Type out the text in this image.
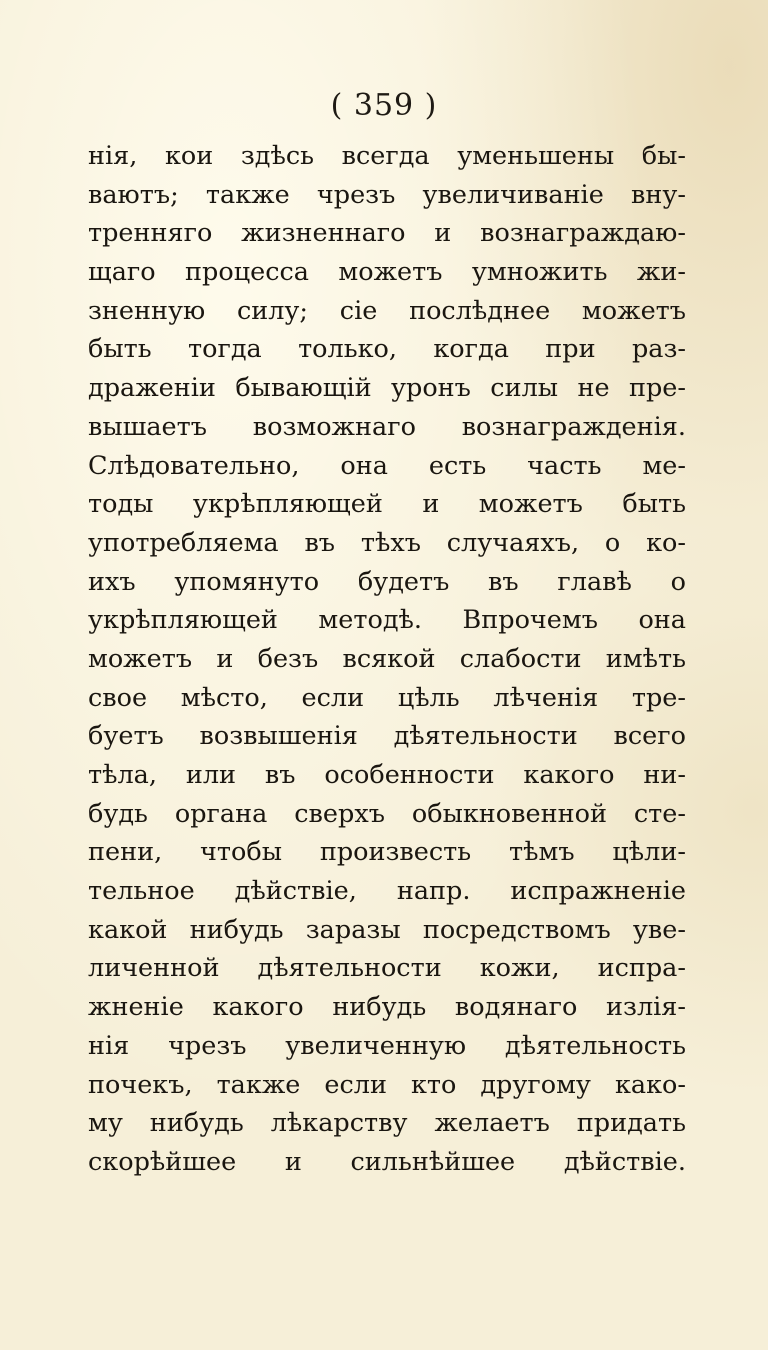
( 359 )
нія, кои здѣсь всегда уменьшены бы-
ваютъ; также чрезъ увеличиваніе вну-
тренняго жизненнаго и вознаграждаю-
щаго процесса можетъ умножить жи-
зненную силу; сіе послѣднее можетъ
быть тогда только, когда при раз-
драженіи бывающій уронъ силы не пре-
вышаетъ возможнаго вознагражденія.
Слѣдовательно, она есть часть ме-
тоды укрѣпляющей и можетъ быть
употребляема въ тѣхъ случаяхъ, о ко-
ихъ упомянуто будетъ въ главѣ о
укрѣпляющей методѣ. Впрочемъ она
можетъ и безъ всякой слабости имѣть
свое мѣсто, если цѣль лѣченія тре-
буетъ возвышенія дѣятельности всего
тѣла, или въ особенности какого ни-
будь органа сверхъ обыкновенной сте-
пени, чтобы произвесть тѣмъ цѣли-
тельное дѣйствіе, напр. испражненіе
какой нибудь заразы посредствомъ уве-
личенной дѣятельности кожи, испра-
жненіе какого нибудь водянаго излія-
нія чрезъ увеличенную дѣятельность
почекъ, также если кто другому како-
му нибудь лѣкарству желаетъ придать
скорѣйшее и сильнѣйшее дѣйствіе.
